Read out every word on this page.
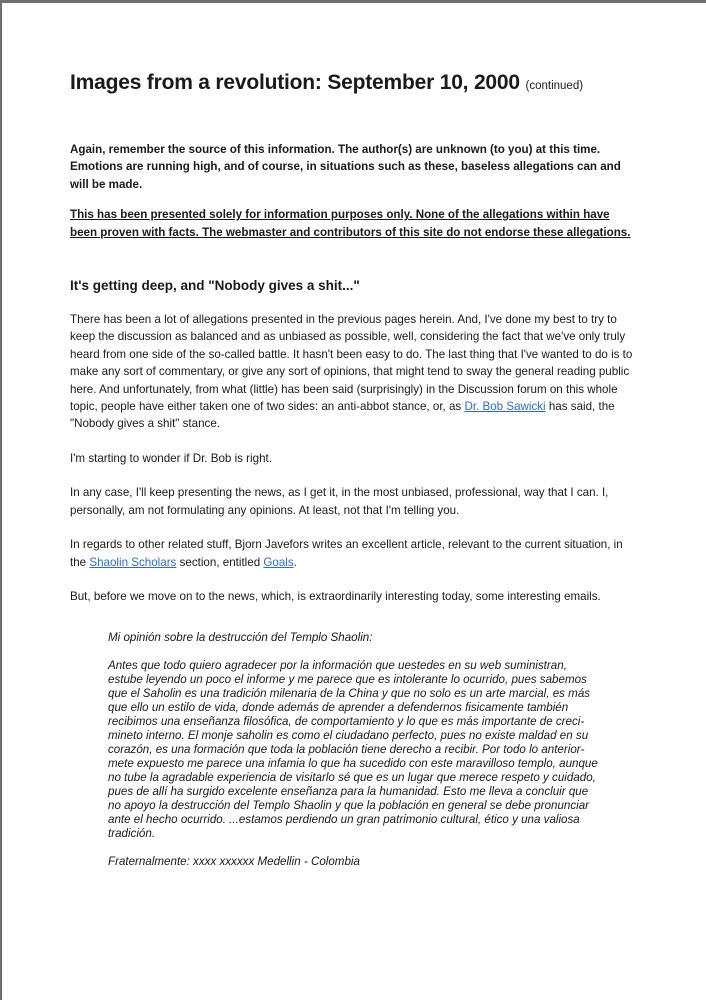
Images from a revolution: September 10, 2000 (continued)

Again, remember the source of this information. The author(s) are unknown (to you) at this time. Emotions are running high, and of course, in situations such as these, baseless allegations can and will be made.

This has been presented solely for information purposes only. None of the allegations within have been proven with facts. The webmaster and contributors of this site do not endorse these allegations.

It's getting deep, and "Nobody gives a shit..."

There has been a lot of allegations presented in the previous pages herein. And, I've done my best to try to keep the discussion as balanced and as unbiased as possible, well, considering the fact that we've only truly heard from one side of the so-called battle. It hasn't been easy to do. The last thing that I've wanted to do is to make any sort of commentary, or give any sort of opinions, that might tend to sway the general reading public here. And unfortunately, from what (little) has been said (surprisingly) in the Discussion forum on this whole topic, people have either taken one of two sides: an anti-abbot stance, or, as Dr. Bob Sawicki has said, the "Nobody gives a shit" stance.

I'm starting to wonder if Dr. Bob is right.

In any case, I'll keep presenting the news, as I get it, in the most unbiased, professional, way that I can. I, personally, am not formulating any opinions. At least, not that I'm telling you.

In regards to other related stuff, Bjorn Javefors writes an excellent article, relevant to the current situation, in the Shaolin Scholars section, entitled Goals.

But, before we move on to the news, which, is extraordinarily interesting today, some interesting emails.

Mi opinión sobre la destrucción del Templo Shaolin:

Antes que todo quiero agradecer por la información que uestedes en su web suministran, estube leyendo un poco el informe y me parece que es intolerante lo ocurrido, pues sabemos que el Saholin es una tradición milenaria de la China y que no solo es un arte marcial, es más que ello un estilo de vida, donde además de aprender a defendernos fisicamente también recibimos una enseñanza filosófica, de comportamiento y lo que es más importante de crecimineto interno. El monje saholin es como el ciudadano perfecto, pues no existe maldad en su corazón, es una formación que toda la población tiene derecho a recibir. Por todo lo anteriormete expuesto me parece una infamia lo que ha sucedido con este maravilloso templo, aunque no tube la agradable experiencia de visitarlo sé que es un lugar que merece respeto y cuidado, pues de allí ha surgido excelente enseñanza para la humanidad. Esto me lleva a concluir que no apoyo la destrucción del Templo Shaolin y que la población en general se debe pronunciar ante el hecho ocurrido. ...estamos perdiendo un gran patrimonio cultural, ético y una valiosa tradición.

Fraternalmente: xxxx xxxxxx Medellin - Colombia
